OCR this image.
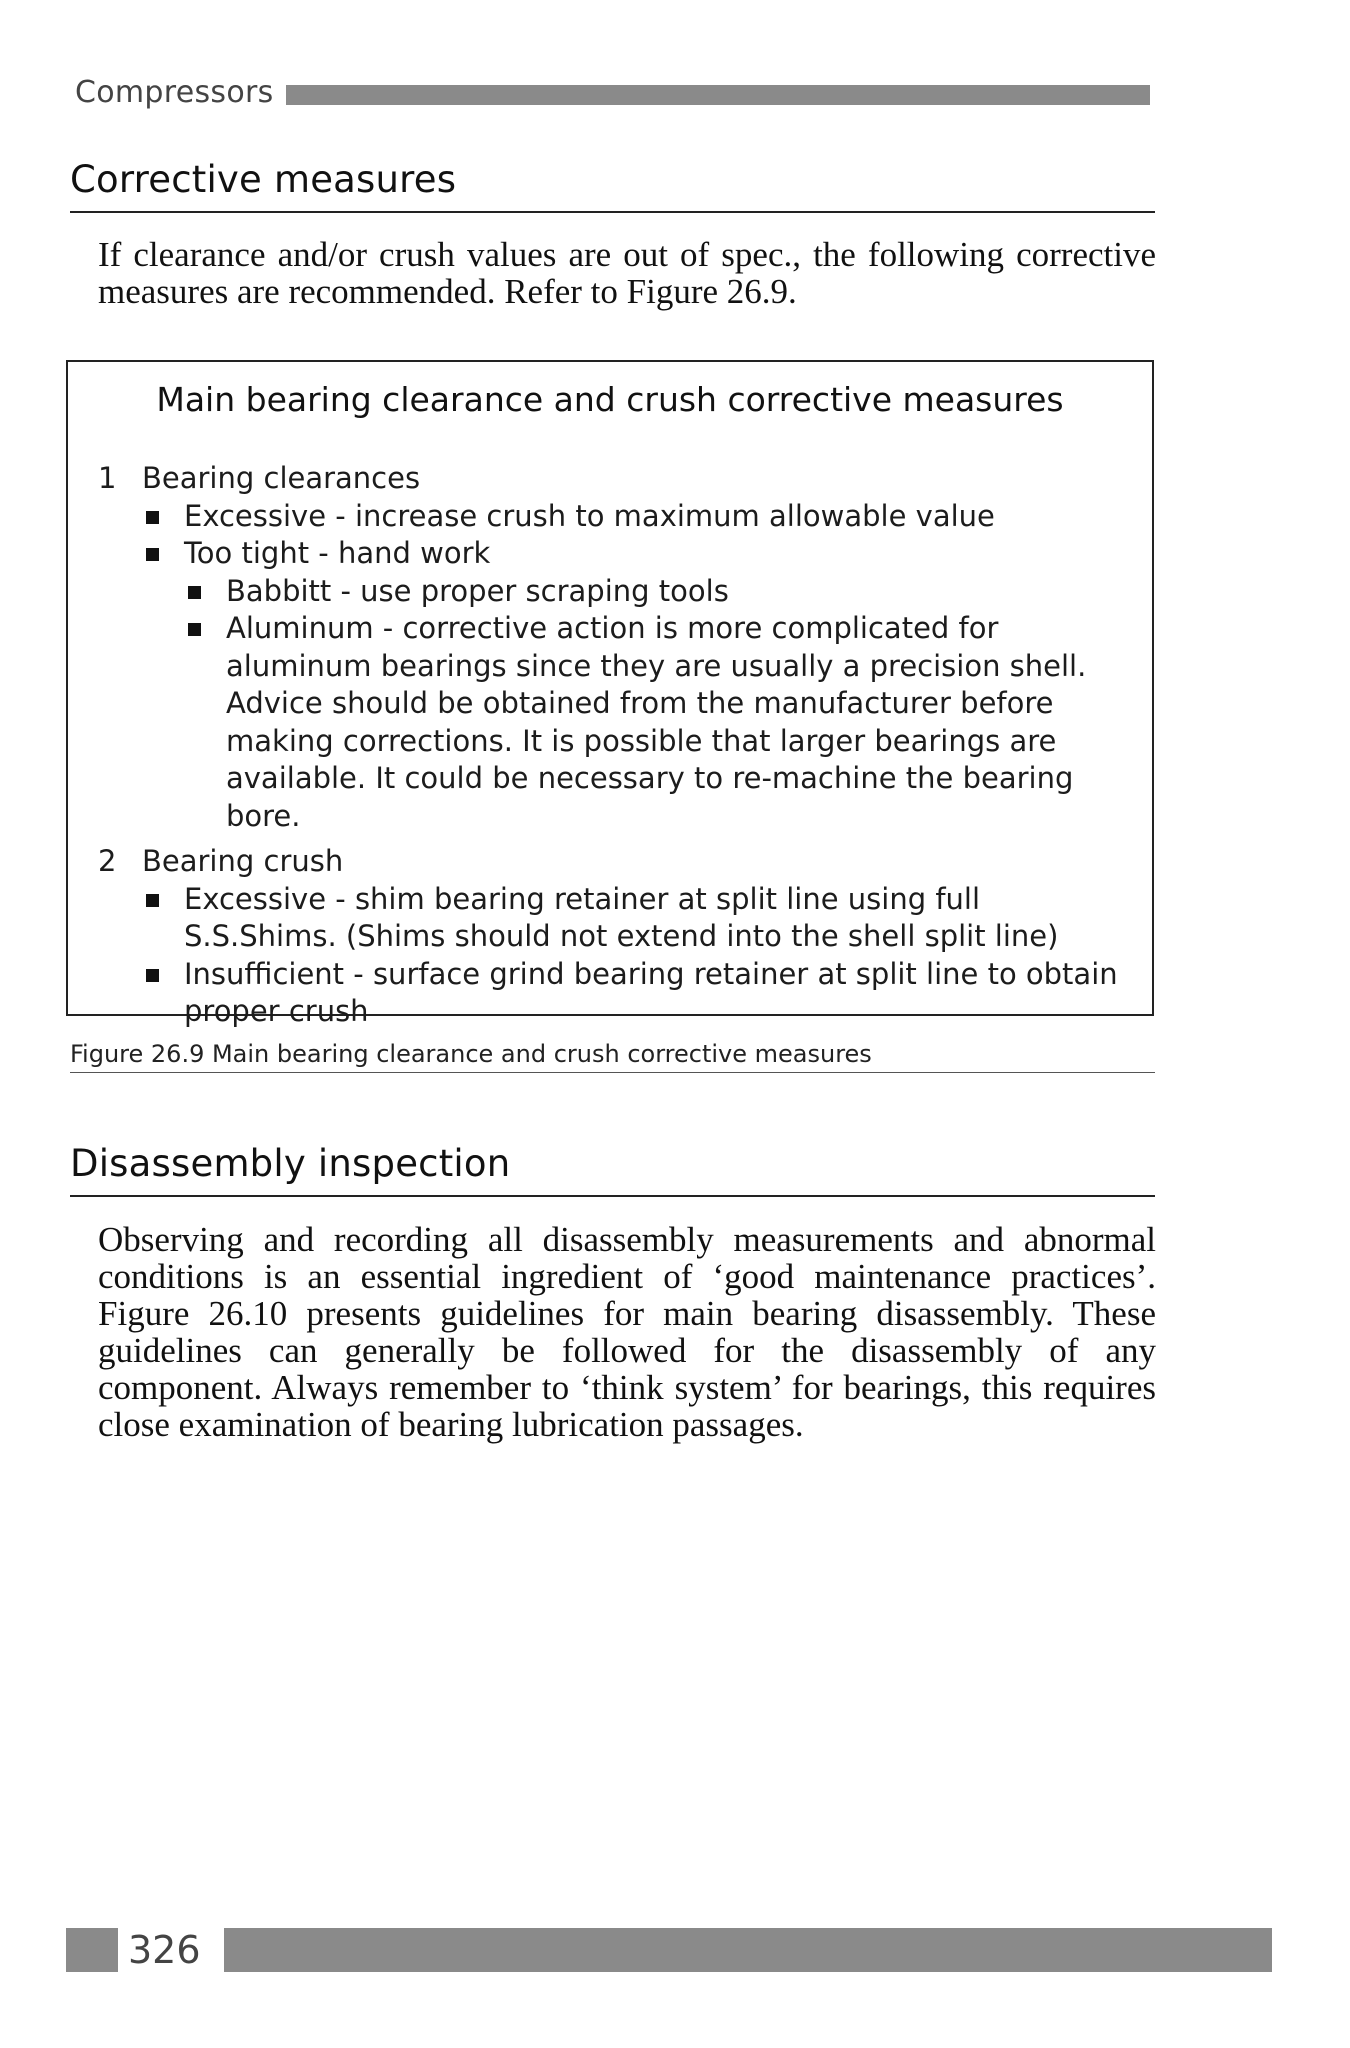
Compressors
Corrective measures

If clearance and/or crush values are out of spec., the following corrective measures are recommended. Refer to Figure 26.9.

Main bearing clearance and crush corrective measures

1 Bearing clearances
Excessive - increase crush to maximum allowable value
Too tight - hand work
Babbitt - use proper scraping tools
Aluminum - corrective action is more complicated for aluminum bearings since they are usually a precision shell. Advice should be obtained from the manufacturer before making corrections. It is possible that larger bearings are available. It could be necessary to re-machine the bearing bore.
2 Bearing crush
Excessive - shim bearing retainer at split line using full S.S.Shims. (Shims should not extend into the shell split line)
Insufficient - surface grind bearing retainer at split line to obtain proper crush
Figure 26.9 Main bearing clearance and crush corrective measures
Disassembly inspection

Observing and recording all disassembly measurements and abnormal conditions is an essential ingredient of ‘good maintenance practices’. Figure 26.10 presents guidelines for main bearing disassembly. These guidelines can generally be followed for the disassembly of any component. Always remember to ‘think system’ for bearings, this requires close examination of bearing lubrication passages.

326
